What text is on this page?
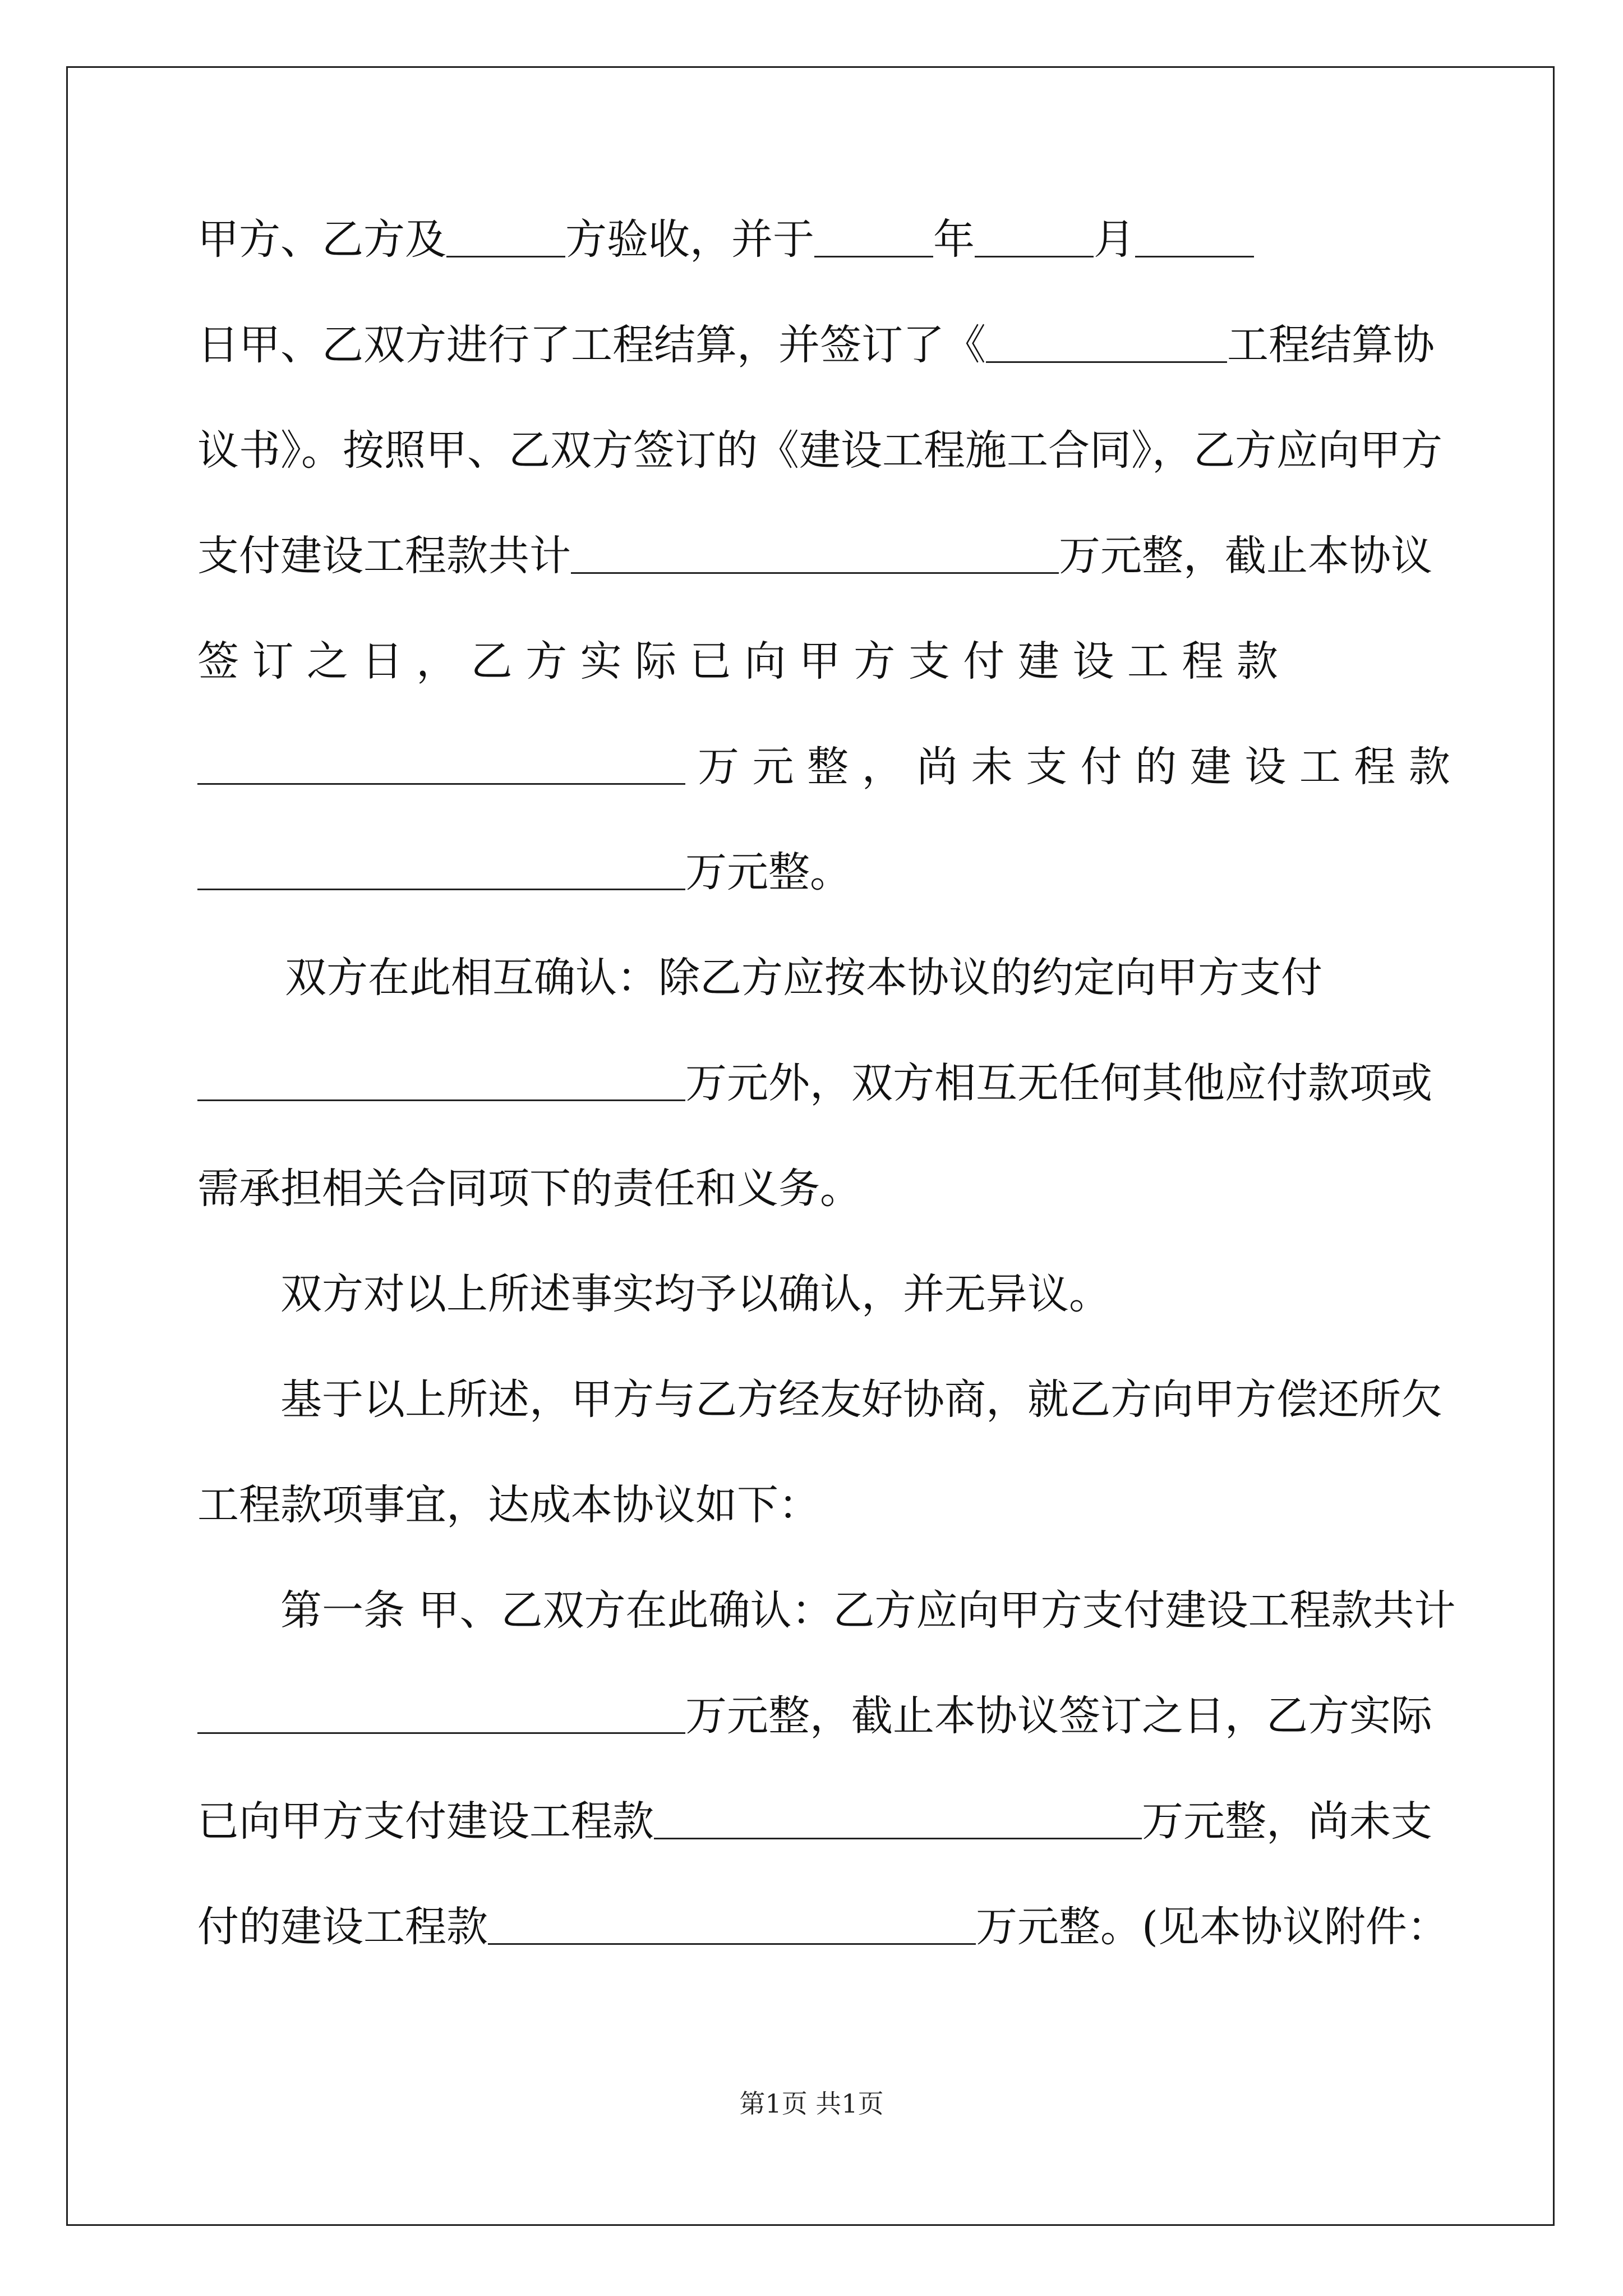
甲方、乙方及	方验收，并于	年	月
日甲、乙双方进行了工程结算，并签订了《	工程结算协
议书》。按照甲、乙双方签订的《建设工程施工合同》，乙方应向甲方
支付建设工程款共计	万元整，截止本协议
签 订 之 日 ， 乙 方 实 际 已 向 甲 方 支 付 建 设 工 程 款
万 元 整 ， 尚 未 支 付 的 建 设 工 程 款
万元整。
双方在此相互确认：除乙方应按本协议的约定向甲方支付
万元外，双方相互无任何其他应付款项或
需承担相关合同项下的责任和义务。
双方对以上所述事实均予以确认，并无异议。
基于以上所述，甲方与乙方经友好协商，就乙方向甲方偿还所欠
工程款项事宜，达成本协议如下：
第一条 甲、乙双方在此确认：乙方应向甲方支付建设工程款共计
万元整，截止本协议签订之日，乙方实际
已向甲方支付建设工程款	万元整，尚未支
付的建设工程款	万元整。(见本协议附件：
第1页 共1页
